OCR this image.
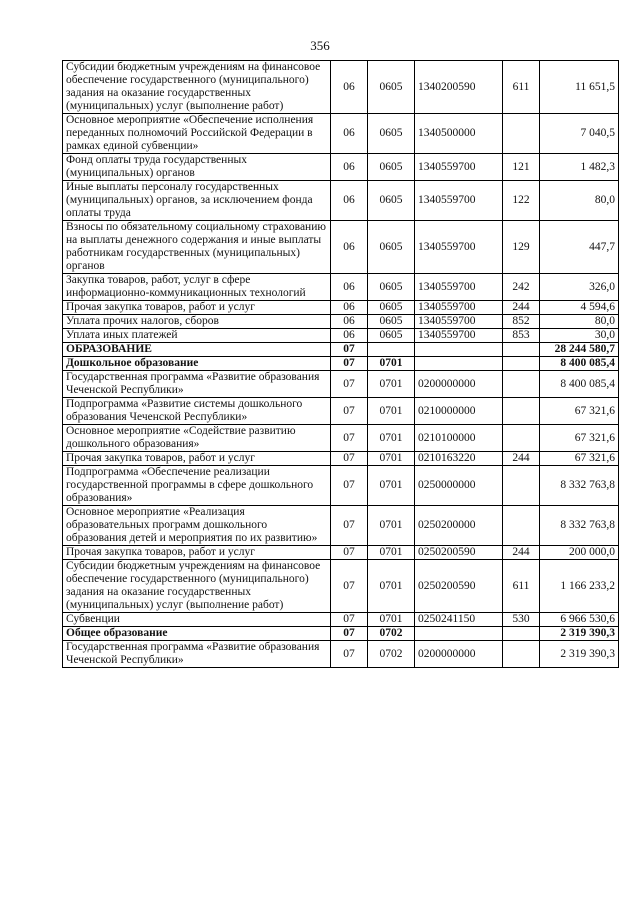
356
Субсидии бюджетным учреждениям на финансовое обеспечение государственного (муниципального) задания на оказание государственных (муниципальных) услуг (выполнение работ)	06	0605	1340200590	611	11 651,5
Основное мероприятие «Обеспечение исполнения переданных полномочий Российской Федерации в рамках единой субвенции»	06	0605	1340500000		7 040,5
Фонд оплаты труда государственных (муниципальных) органов	06	0605	1340559700	121	1 482,3
Иные выплаты персоналу государственных (муниципальных) органов, за исключением фонда оплаты труда	06	0605	1340559700	122	80,0
Взносы по обязательному социальному страхованию на выплаты денежного содержания и иные выплаты работникам государственных (муниципальных) органов	06	0605	1340559700	129	447,7
Закупка товаров, работ, услуг в сфере информационно-коммуникационных технологий	06	0605	1340559700	242	326,0
Прочая закупка товаров, работ и услуг	06	0605	1340559700	244	4 594,6
Уплата прочих налогов, сборов	06	0605	1340559700	852	80,0
Уплата иных платежей	06	0605	1340559700	853	30,0
ОБРАЗОВАНИЕ	07				28 244 580,7
Дошкольное образование	07	0701			8 400 085,4
Государственная программа «Развитие образования Чеченской Республики»	07	0701	0200000000		8 400 085,4
Подпрограмма «Развитие системы дошкольного образования Чеченской Республики»	07	0701	0210000000		67 321,6
Основное мероприятие «Содействие развитию дошкольного образования»	07	0701	0210100000		67 321,6
Прочая закупка товаров, работ и услуг	07	0701	0210163220	244	67 321,6
Подпрограмма «Обеспечение реализации государственной программы в сфере дошкольного образования»	07	0701	0250000000		8 332 763,8
Основное мероприятие «Реализация образовательных программ дошкольного образования детей и мероприятия по их развитию»	07	0701	0250200000		8 332 763,8
Прочая закупка товаров, работ и услуг	07	0701	0250200590	244	200 000,0
Субсидии бюджетным учреждениям на финансовое обеспечение государственного (муниципального) задания на оказание государственных (муниципальных) услуг (выполнение работ)	07	0701	0250200590	611	1 166 233,2
Субвенции	07	0701	0250241150	530	6 966 530,6
Общее образование	07	0702			2 319 390,3
Государственная программа «Развитие образования Чеченской Республики»	07	0702	0200000000		2 319 390,3
